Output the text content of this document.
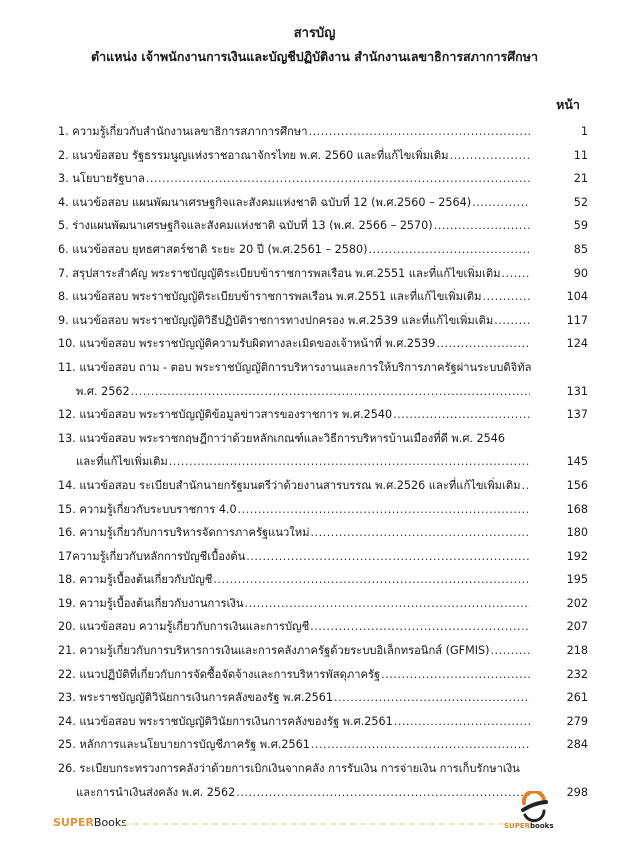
สารบัญ
ตำแหน่ง เจ้าพนักงานการเงินและบัญชีปฏิบัติงาน สำนักงานเลขาธิการสภาการศึกษา
หน้า
1. ความรู้เกี่ยวกับสำนักงานเลขาธิการสภาการศึกษา .....	1
2. แนวข้อสอบ รัฐธรรมนูญแห่งราชอาณาจักรไทย พ.ศ. 2560 และที่แก้ไขเพิ่มเติม .....	11
3. นโยบายรัฐบาล .....	21
4. แนวข้อสอบ แผนพัฒนาเศรษฐกิจและสังคมแห่งชาติ ฉบับที่ 12 (พ.ศ.2560 – 2564) .....	52
5. ร่างแผนพัฒนาเศรษฐกิจและสังคมแห่งชาติ ฉบับที่ 13 (พ.ศ. 2566 – 2570) .....	59
6. แนวข้อสอบ ยุทธศาสตร์ชาติ ระยะ 20 ปี (พ.ศ.2561 – 2580) .....	85
7. สรุปสาระสำคัญ พระราชบัญญัติระเบียบข้าราชการพลเรือน พ.ศ.2551 และที่แก้ไขเพิ่มเติม .....	90
8. แนวข้อสอบ พระราชบัญญัติระเบียบข้าราชการพลเรือน พ.ศ.2551 และที่แก้ไขเพิ่มเติม .....	104
9. แนวข้อสอบ พระราชบัญญัติวิธีปฏิบัติราชการทางปกครอง พ.ศ.2539 และที่แก้ไขเพิ่มเติม .....	117
10. แนวข้อสอบ พระราชบัญญัติความรับผิดทางละเมิดของเจ้าหน้าที่ พ.ศ.2539 .....	124
11. แนวข้อสอบ ถาม - ตอบ พระราชบัญญัติการบริหารงานและการให้บริการภาครัฐผ่านระบบดิจิทัล
พ.ศ. 2562 .....	131
12. แนวข้อสอบ พระราชบัญญัติข้อมูลข่าวสารของราชการ พ.ศ.2540 .....	137
13. แนวข้อสอบ พระราชกฤษฎีกาว่าด้วยหลักเกณฑ์และวิธีการบริหารบ้านเมืองที่ดี พ.ศ. 2546
และที่แก้ไขเพิ่มเติม .....	145
14. แนวข้อสอบ ระเบียบสำนักนายกรัฐมนตรีว่าด้วยงานสารบรรณ พ.ศ.2526 และที่แก้ไขเพิ่มเติม .....	156
15. ความรู้เกี่ยวกับระบบราชการ 4.0 .....	168
16. ความรู้เกี่ยวกับการบริหารจัดการภาครัฐแนวใหม่ .....	180
17ความรู้เกี่ยวกับหลักการบัญชีเบื้องต้น .....	192
18. ความรู้เบื้องต้นเกี่ยวกับบัญชี .....	195
19. ความรู้เบื้องต้นเกี่ยวกับงานการเงิน .....	202
20. แนวข้อสอบ ความรู้เกี่ยวกับการเงินและการบัญชี .....	207
21. ความรู้เกี่ยวกับการบริหารการเงินและการคลังภาครัฐด้วยระบบอิเล็กทรอนิกส์ (GFMIS) .....	218
22. แนวปฏิบัติที่เกี่ยวกับการจัดซื้อจัดจ้างและการบริหารพัสดุภาครัฐ .....	232
23. พระราชบัญญัติวินัยการเงินการคลังของรัฐ พ.ศ.2561 .....	261
24. แนวข้อสอบ พระราชบัญญัติวินัยการเงินการคลังของรัฐ พ.ศ.2561 .....	279
25. หลักการและนโยบายการบัญชีภาครัฐ พ.ศ.2561 .....	284
26. ระเบียบกระทรวงการคลังว่าด้วยการเบิกเงินจากคลัง การรับเงิน การจ่ายเงิน การเก็บรักษาเงิน
และการนำเงินส่งคลัง พ.ศ. 2562 .....	298
SUPERBooks	SUPERbooks
